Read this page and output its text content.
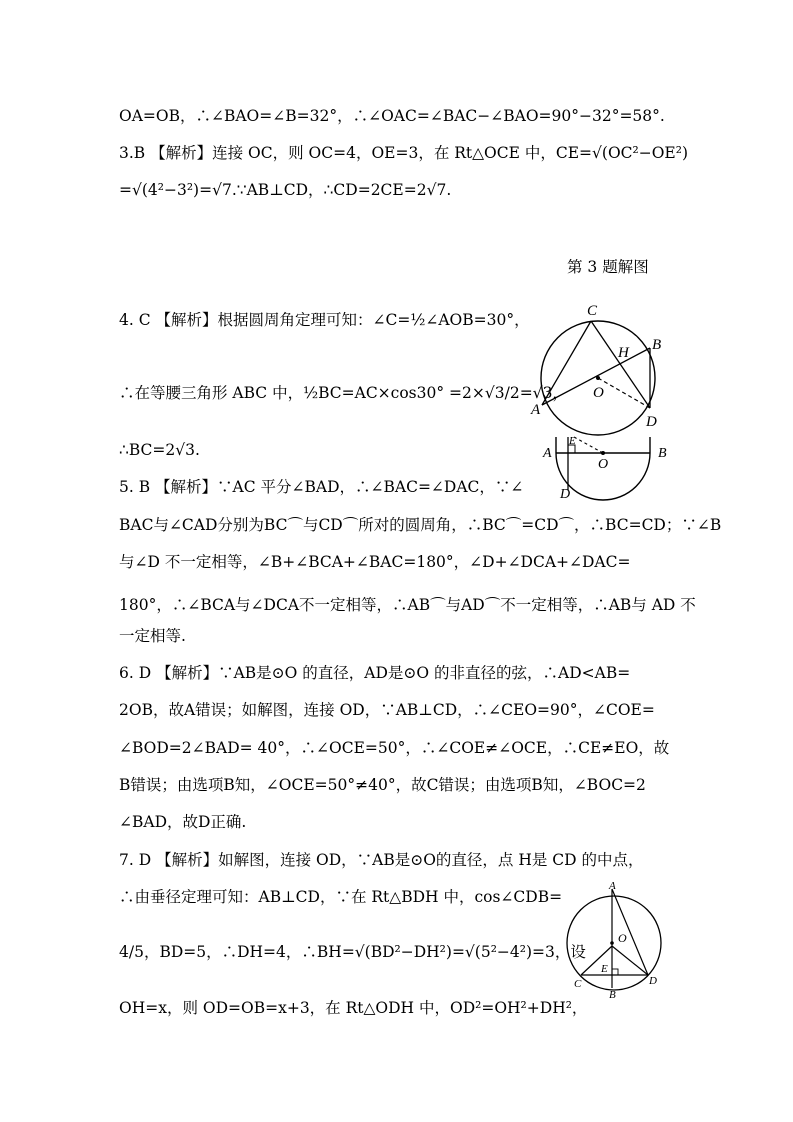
OA=OB，∴∠BAO=∠B=32°，∴∠OAC=∠BAC−∠BAO=90°−32°=58°.
3.B 【解析】连接 OC，则 OC=4，OE=3，在 Rt△OCE 中，CE=√(OC²−OE²)
=√(4²−3²)=√7.∵AB⊥CD，∴CD=2CE=2√7.
第 3 题解图
4. C 【解析】根据圆周角定理可知：∠C=½∠AOB=30°，
∴在等腰三角形 ABC 中，½BC=AC×cos30° =2×√3/2=√3，
∴BC=2√3.
5. B 【解析】∵AC 平分∠BAD，∴∠BAC=∠DAC，∵∠
BAC与∠CAD分别为BC⌒与CD⌒所对的圆周角，∴BC⌒=CD⌒，∴BC=CD；∵∠B
与∠D 不一定相等，∠B+∠BCA+∠BAC=180°，∠D+∠DCA+∠DAC=
180°，∴∠BCA与∠DCA不一定相等，∴AB⌒与AD⌒不一定相等，∴AB与 AD 不
一定相等.
6. D 【解析】∵AB是⊙O 的直径，AD是⊙O 的非直径的弦，∴AD<AB=
2OB，故A错误；如解图，连接 OD，∵AB⊥CD，∴∠CEO=90°，∠COE=
∠BOD=2∠BAD= 40°，∴∠OCE=50°，∴∠COE≠∠OCE，∴CE≠EO，故
B错误；由选项B知，∠OCE=50°≠40°，故C错误；由选项B知，∠BOC=2
∠BAD，故D正确.
7. D 【解析】如解图，连接 OD，∵AB是⊙O的直径，点 H是 CD 的中点，
∴由垂径定理可知：AB⊥CD，∵在 Rt△BDH 中，cos∠CDB=
4/5，BD=5，∴DH=4，∴BH=√(BD²−DH²)=√(5²−4²)=3，设
OH=x，则 OD=OB=x+3，在 Rt△ODH 中，OD²=OH²+DH²，
C
H B
O
A
D
A
E
O
B
D
A
O
E
C
B
D
